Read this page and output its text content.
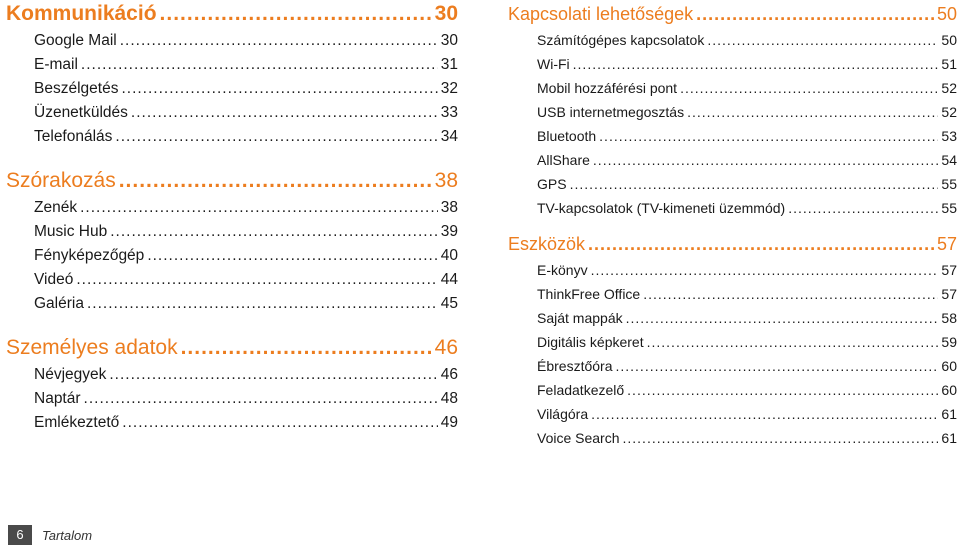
Kommunikáció .....	30
Google Mail .....	30
E-mail .....	31
Beszélgetés .....	32
Üzenetküldés .....	33
Telefonálás .....	34
Szórakozás .....	38
Zenék .....	38
Music Hub .....	39
Fényképezőgép .....	40
Videó .....	44
Galéria .....	45
Személyes adatok .....	46
Névjegyek .....	46
Naptár .....	48
Emlékeztető .....	49
Kapcsolati lehetőségek .....	50
Számítógépes kapcsolatok .....	50
Wi-Fi .....	51
Mobil hozzáférési pont .....	52
USB internetmegosztás .....	52
Bluetooth .....	53
AllShare .....	54
GPS .....	55
TV-kapcsolatok (TV-kimeneti üzemmód) .....	55
Eszközök .....	57
E-könyv .....	57
ThinkFree Office .....	57
Saját mappák .....	58
Digitális képkeret .....	59
Ébresztőóra .....	60
Feladatkezelő .....	60
Világóra .....	61
Voice Search .....	61
6	Tartalom
